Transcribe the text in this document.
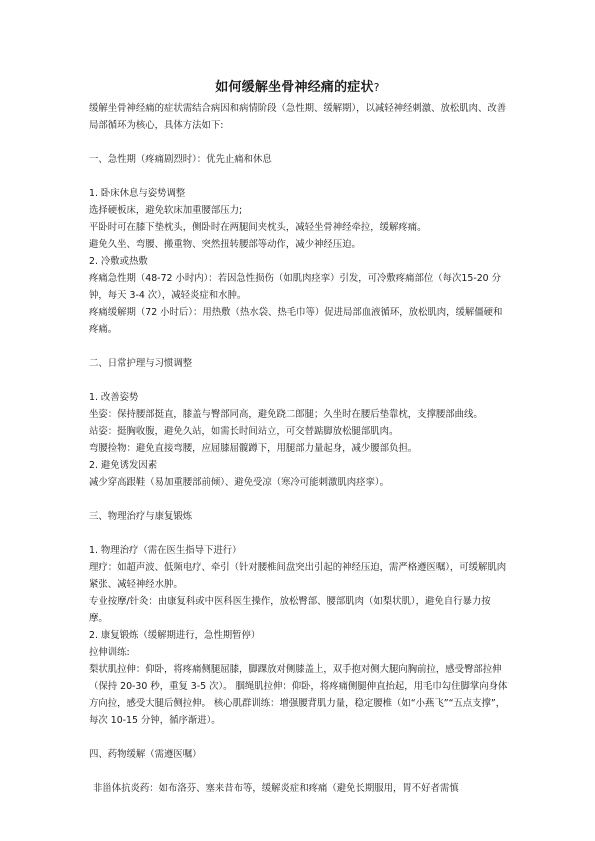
如何缓解坐骨神经痛的症状?

缓解坐骨神经痛的症状需结合病因和病情阶段（急性期、缓解期），以减轻神经刺激、放松肌肉、改善局部循环为核心，具体方法如下:

一、急性期（疼痛剧烈时）：优先止痛和休息

1. 卧床休息与姿势调整

选择硬板床，避免软床加重腰部压力;

平卧时可在膝下垫枕头，侧卧时在两腿间夹枕头，减轻坐骨神经牵拉，缓解疼痛。

避免久坐、弯腰、搬重物、突然扭转腰部等动作，减少神经压迫。

2. 冷敷或热敷

疼痛急性期（48-72 小时内）：若因急性损伤（如肌肉痉挛）引发，可冷敷疼痛部位（每次15-20 分钟，每天 3-4 次），减轻炎症和水肿。

疼痛缓解期（72 小时后）：用热敷（热水袋、热毛巾等）促进局部血液循环，放松肌肉，缓解僵硬和疼痛。

二、日常护理与习惯调整

1. 改善姿势

坐姿：保持腰部挺直，膝盖与臀部同高，避免跷二郎腿；久坐时在腰后垫靠枕，支撑腰部曲线。

站姿：挺胸收腹，避免久站，如需长时间站立，可交替踮脚放松腿部肌肉。

弯腰捡物：避免直接弯腰，应屈膝屈髋蹲下，用腿部力量起身，减少腰部负担。

2. 避免诱发因素

减少穿高跟鞋（易加重腰部前倾）、避免受凉（寒冷可能刺激肌肉痉挛）。

三、物理治疗与康复锻炼

1. 物理治疗（需在医生指导下进行）

理疗：如超声波、低频电疗、牵引（针对腰椎间盘突出引起的神经压迫，需严格遵医嘱），可缓解肌肉紧张、减轻神经水肿。

专业按摩/针灸：由康复科或中医科医生操作，放松臀部、腰部肌肉（如梨状肌），避免自行暴力按摩。

2. 康复锻炼（缓解期进行，急性期暂停）

拉伸训练:

梨状肌拉伸：仰卧，将疼痛侧腿屈膝，脚踝放对侧膝盖上，双手抱对侧大腿向胸前拉，感受臀部拉伸（保持 20-30 秒，重复 3-5 次）。 腘绳肌拉伸：仰卧，将疼痛侧腿伸直抬起，用毛巾勾住脚掌向身体方向拉，感受大腿后侧拉伸。 核心肌群训练：增强腰背肌力量，稳定腰椎（如“小燕飞”“五点支撑”，每次 10-15 分钟，循序渐进）。

四、药物缓解（需遵医嘱）

非甾体抗炎药：如布洛芬、塞来昔布等，缓解炎症和疼痛（避免长期服用，胃不好者需慎
